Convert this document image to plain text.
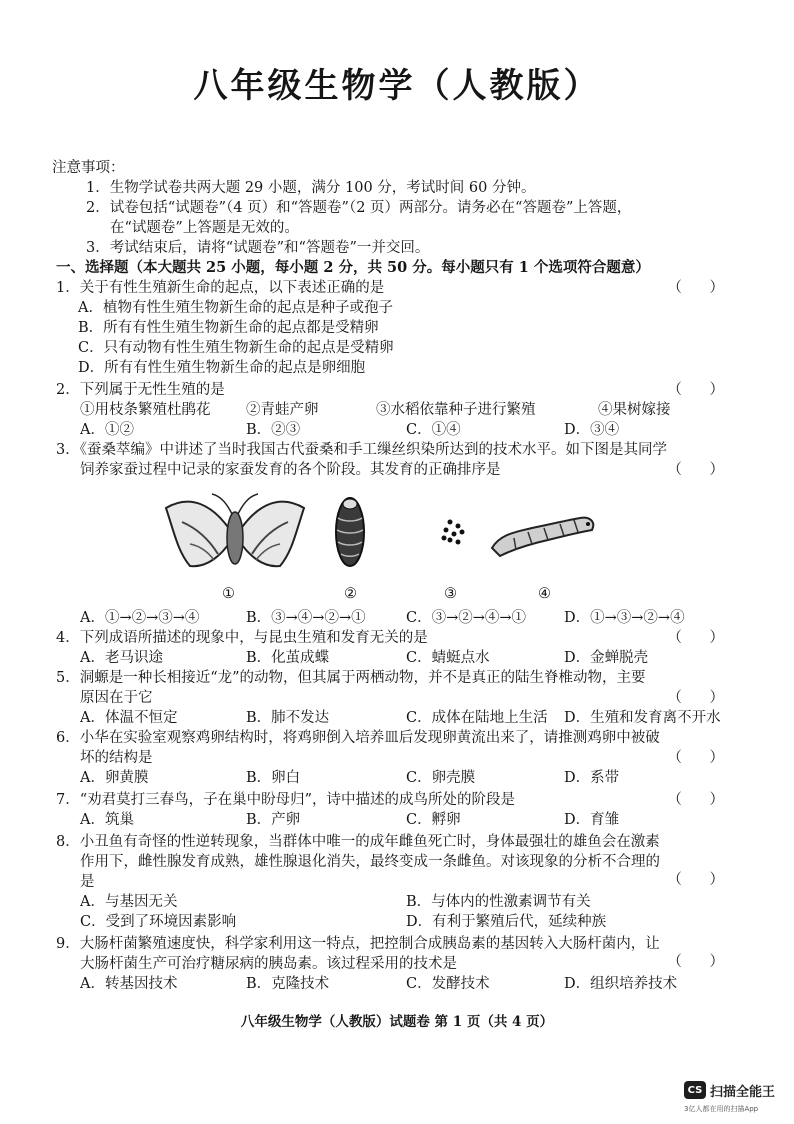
八年级生物学（人教版）
注意事项：
1．生物学试卷共两大题 29 小题，满分 100 分，考试时间 60 分钟。
2．试卷包括“试题卷”（4 页）和“答题卷”（2 页）两部分。请务必在“答题卷”上答题，
在“试题卷”上答题是无效的。
3．考试结束后，请将“试题卷”和“答题卷”一并交回。
一、选择题（本大题共 25 小题，每小题 2 分，共 50 分。每小题只有 1 个选项符合题意）
1．关于有性生殖新生命的起点，以下表述正确的是	（      ）
A．植物有性生殖生物新生命的起点是种子或孢子
B．所有有性生殖生物新生命的起点都是受精卵
C．只有动物有性生殖生物新生命的起点是受精卵
D．所有有性生殖生物新生命的起点是卵细胞
2．下列属于无性生殖的是	（      ）
①用枝条繁殖杜鹃花 ②青蛙产卵	③水稻依靠种子进行繁殖	④果树嫁接
A．①②	B．②③	C．①④	D．③④
3．《蚕桑萃编》中讲述了当时我国古代蚕桑和手工缫丝织染所达到的技术水平。如下图是其同学
饲养家蚕过程中记录的家蚕发育的各个阶段。其发育的正确排序是	（      ）
①	②	③	④
A．①→②→③→④	B．③→④→②→①	C．③→②→④→①	D．①→③→②→④
4．下列成语所描述的现象中，与昆虫生殖和发育无关的是	（      ）
A．老马识途	B．化茧成蝶	C．蜻蜓点水	D．金蝉脱壳
5．洞螈是一种长相接近“龙”的动物，但其属于两栖动物，并不是真正的陆生脊椎动物，主要
原因在于它	（      ）
A．体温不恒定	B．肺不发达	C．成体在陆地上生活 D．生殖和发育离不开水
6．小华在实验室观察鸡卵结构时，将鸡卵倒入培养皿后发现卵黄流出来了，请推测鸡卵中被破
坏的结构是	（      ）
A．卵黄膜	B．卵白	C．卵壳膜	D．系带
7．“劝君莫打三春鸟，子在巢中盼母归”，诗中描述的成鸟所处的阶段是	（      ）
A．筑巢	B．产卵	C．孵卵	D．育雏
8．小丑鱼有奇怪的性逆转现象，当群体中唯一的成年雌鱼死亡时，身体最强壮的雄鱼会在激素
作用下，雌性腺发育成熟，雄性腺退化消失，最终变成一条雌鱼。对该现象的分析不合理的
是	（      ）
A．与基因无关	B．与体内的性激素调节有关
C．受到了环境因素影响	D．有利于繁殖后代，延续种族
9．大肠杆菌繁殖速度快，科学家利用这一特点，把控制合成胰岛素的基因转入大肠杆菌内，让
大肠杆菌生产可治疗糖尿病的胰岛素。该过程采用的技术是	（      ）
A．转基因技术	B．克隆技术	C．发酵技术	D．组织培养技术
八年级生物学（人教版）试题卷 第 1 页（共 4 页）
CS 扫描全能王
3亿人都在用的扫描App
